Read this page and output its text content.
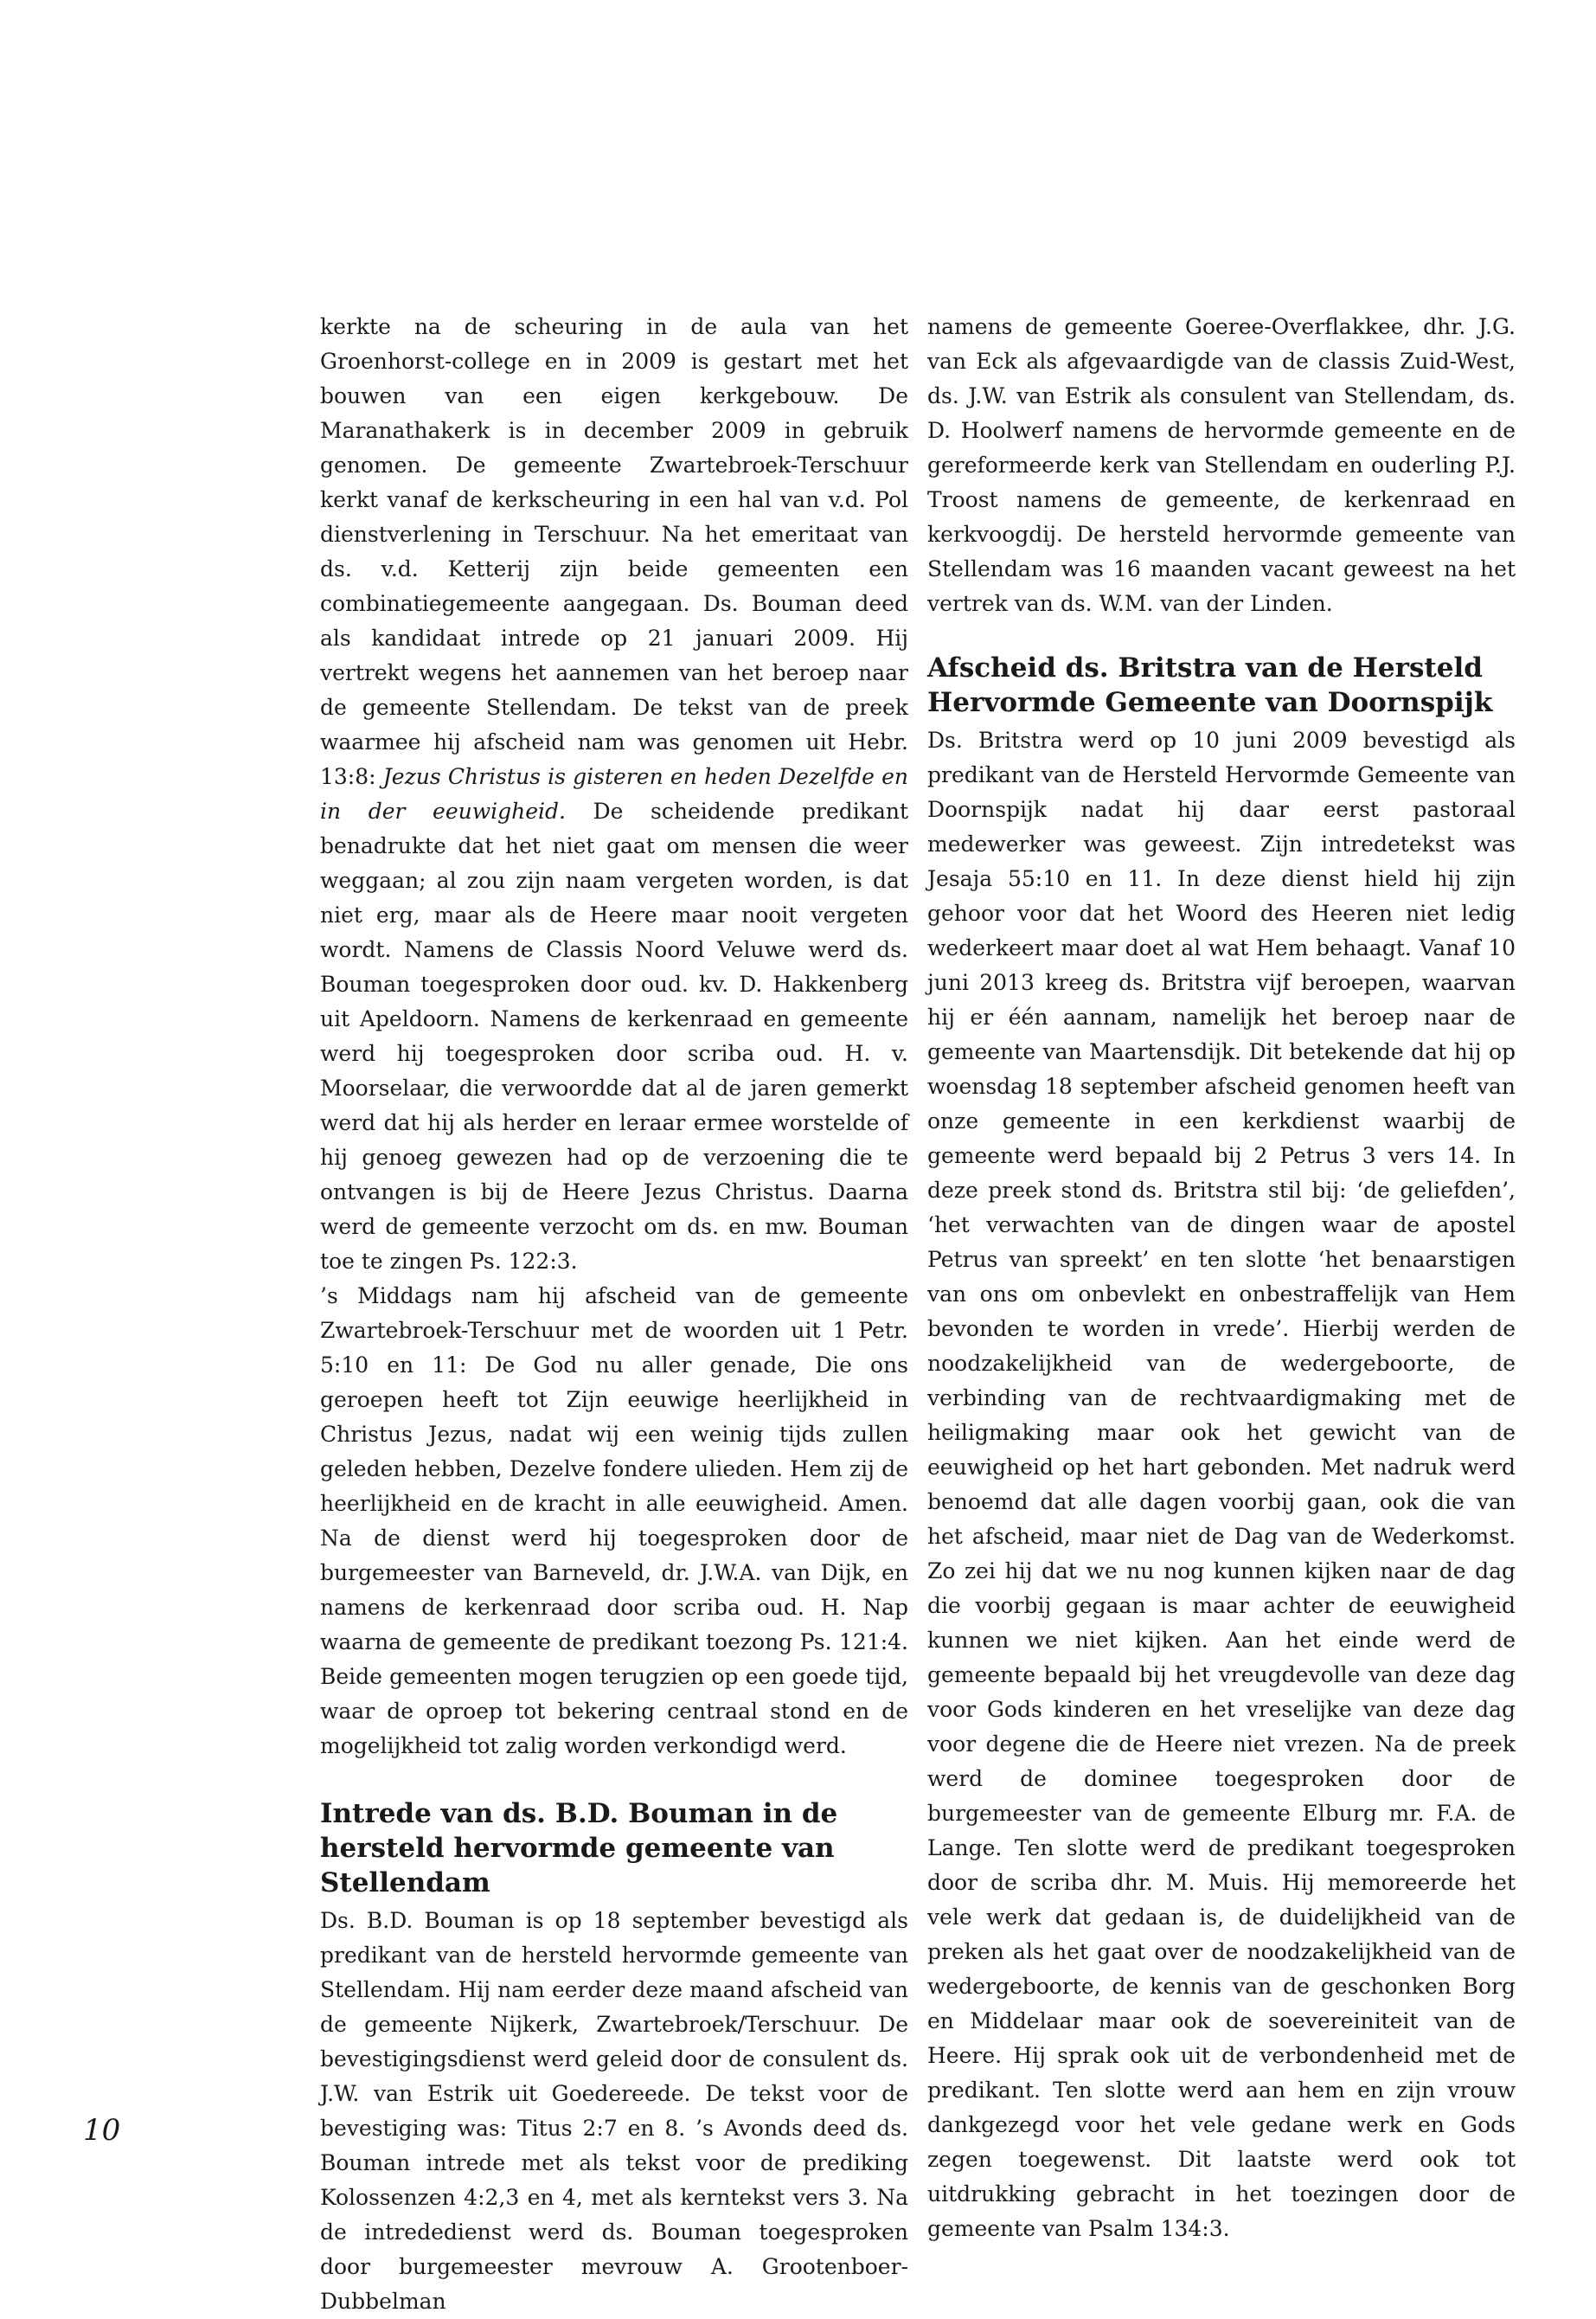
kerkte na de scheuring in de aula van het Groenhorst-college en in 2009 is gestart met het bouwen van een eigen kerkgebouw. De Maranathakerk is in december 2009 in gebruik genomen. De gemeente Zwartebroek-Terschuur kerkt vanaf de kerkscheuring in een hal van v.d. Pol dienstverlening in Terschuur. Na het emeritaat van ds. v.d. Ketterij zijn beide gemeenten een combinatiegemeente aangegaan. Ds. Bouman deed als kandidaat intrede op 21 januari 2009. Hij vertrekt wegens het aannemen van het beroep naar de gemeente Stellendam. De tekst van de preek waarmee hij afscheid nam was genomen uit Hebr. 13:8: Jezus Christus is gisteren en heden Dezelfde en in der eeuwigheid. De scheidende predikant benadrukte dat het niet gaat om mensen die weer weggaan; al zou zijn naam vergeten worden, is dat niet erg, maar als de Heere maar nooit vergeten wordt. Namens de Classis Noord Veluwe werd ds. Bouman toegesproken door oud. kv. D. Hakkenberg uit Apeldoorn. Namens de kerkenraad en gemeente werd hij toegesproken door scriba oud. H. v. Moorselaar, die verwoordde dat al de jaren gemerkt werd dat hij als herder en leraar ermee worstelde of hij genoeg gewezen had op de verzoening die te ontvangen is bij de Heere Jezus Christus. Daarna werd de gemeente verzocht om ds. en mw. Bouman toe te zingen Ps. 122:3.

’s Middags nam hij afscheid van de gemeente Zwartebroek-Terschuur met de woorden uit 1 Petr. 5:10 en 11: De God nu aller genade, Die ons geroepen heeft tot Zijn eeuwige heerlijkheid in Christus Jezus, nadat wij een weinig tijds zullen geleden hebben, Dezelve fondere ulieden. Hem zij de heerlijkheid en de kracht in alle eeuwigheid. Amen. Na de dienst werd hij toegesproken door de burgemeester van Barneveld, dr. J.W.A. van Dijk, en namens de kerkenraad door scriba oud. H. Nap waarna de gemeente de predikant toezong Ps. 121:4. Beide gemeenten mogen terugzien op een goede tijd, waar de oproep tot bekering centraal stond en de mogelijkheid tot zalig worden verkondigd werd.

Intrede van ds. B.D. Bouman in de hersteld hervormde gemeente van Stellendam

Ds. B.D. Bouman is op 18 september bevestigd als predikant van de hersteld hervormde gemeente van Stellendam. Hij nam eerder deze maand afscheid van de gemeente Nijkerk, Zwartebroek/Terschuur. De bevestigingsdienst werd geleid door de consulent ds. J.W. van Estrik uit Goedereede. De tekst voor de bevestiging was: Titus 2:7 en 8. ’s Avonds deed ds. Bouman intrede met als tekst voor de prediking Kolossenzen 4:2,3 en 4, met als kerntekst vers 3. Na de intrededienst werd ds. Bouman toegesproken door burgemeester mevrouw A. Grootenboer-Dubbelman

namens de gemeente Goeree-Overflakkee, dhr. J.G. van Eck als afgevaardigde van de classis Zuid-West, ds. J.W. van Estrik als consulent van Stellendam, ds. D. Hoolwerf namens de hervormde gemeente en de gereformeerde kerk van Stellendam en ouderling P.J. Troost namens de gemeente, de kerkenraad en kerkvoogdij. De hersteld hervormde gemeente van Stellendam was 16 maanden vacant geweest na het vertrek van ds. W.M. van der Linden.

Afscheid ds. Britstra van de Hersteld Hervormde Gemeente van Doornspijk

Ds. Britstra werd op 10 juni 2009 bevestigd als predikant van de Hersteld Hervormde Gemeente van Doornspijk nadat hij daar eerst pastoraal medewerker was geweest. Zijn intredetekst was Jesaja 55:10 en 11. In deze dienst hield hij zijn gehoor voor dat het Woord des Heeren niet ledig wederkeert maar doet al wat Hem behaagt. Vanaf 10 juni 2013 kreeg ds. Britstra vijf beroepen, waarvan hij er één aannam, namelijk het beroep naar de gemeente van Maartensdijk. Dit betekende dat hij op woensdag 18 september afscheid genomen heeft van onze gemeente in een kerkdienst waarbij de gemeente werd bepaald bij 2 Petrus 3 vers 14. In deze preek stond ds. Britstra stil bij: ‘de geliefden’, ‘het verwachten van de dingen waar de apostel Petrus van spreekt’ en ten slotte ‘het benaarstigen van ons om onbevlekt en onbestraffelijk van Hem bevonden te worden in vrede’. Hierbij werden de noodzakelijkheid van de wedergeboorte, de verbinding van de rechtvaardigmaking met de heiligmaking maar ook het gewicht van de eeuwigheid op het hart gebonden. Met nadruk werd benoemd dat alle dagen voorbij gaan, ook die van het afscheid, maar niet de Dag van de Wederkomst. Zo zei hij dat we nu nog kunnen kijken naar de dag die voorbij gegaan is maar achter de eeuwigheid kunnen we niet kijken. Aan het einde werd de gemeente bepaald bij het vreugdevolle van deze dag voor Gods kinderen en het vreselijke van deze dag voor degene die de Heere niet vrezen. Na de preek werd de dominee toegesproken door de burgemeester van de gemeente Elburg mr. F.A. de Lange. Ten slotte werd de predikant toegesproken door de scriba dhr. M. Muis. Hij memoreerde het vele werk dat gedaan is, de duidelijkheid van de preken als het gaat over de noodzakelijkheid van de wedergeboorte, de kennis van de geschonken Borg en Middelaar maar ook de soevereiniteit van de Heere. Hij sprak ook uit de verbondenheid met de predikant. Ten slotte werd aan hem en zijn vrouw dankgezegd voor het vele gedane werk en Gods zegen toegewenst. Dit laatste werd ook tot uitdrukking gebracht in het toezingen door de gemeente van Psalm 134:3.

10
